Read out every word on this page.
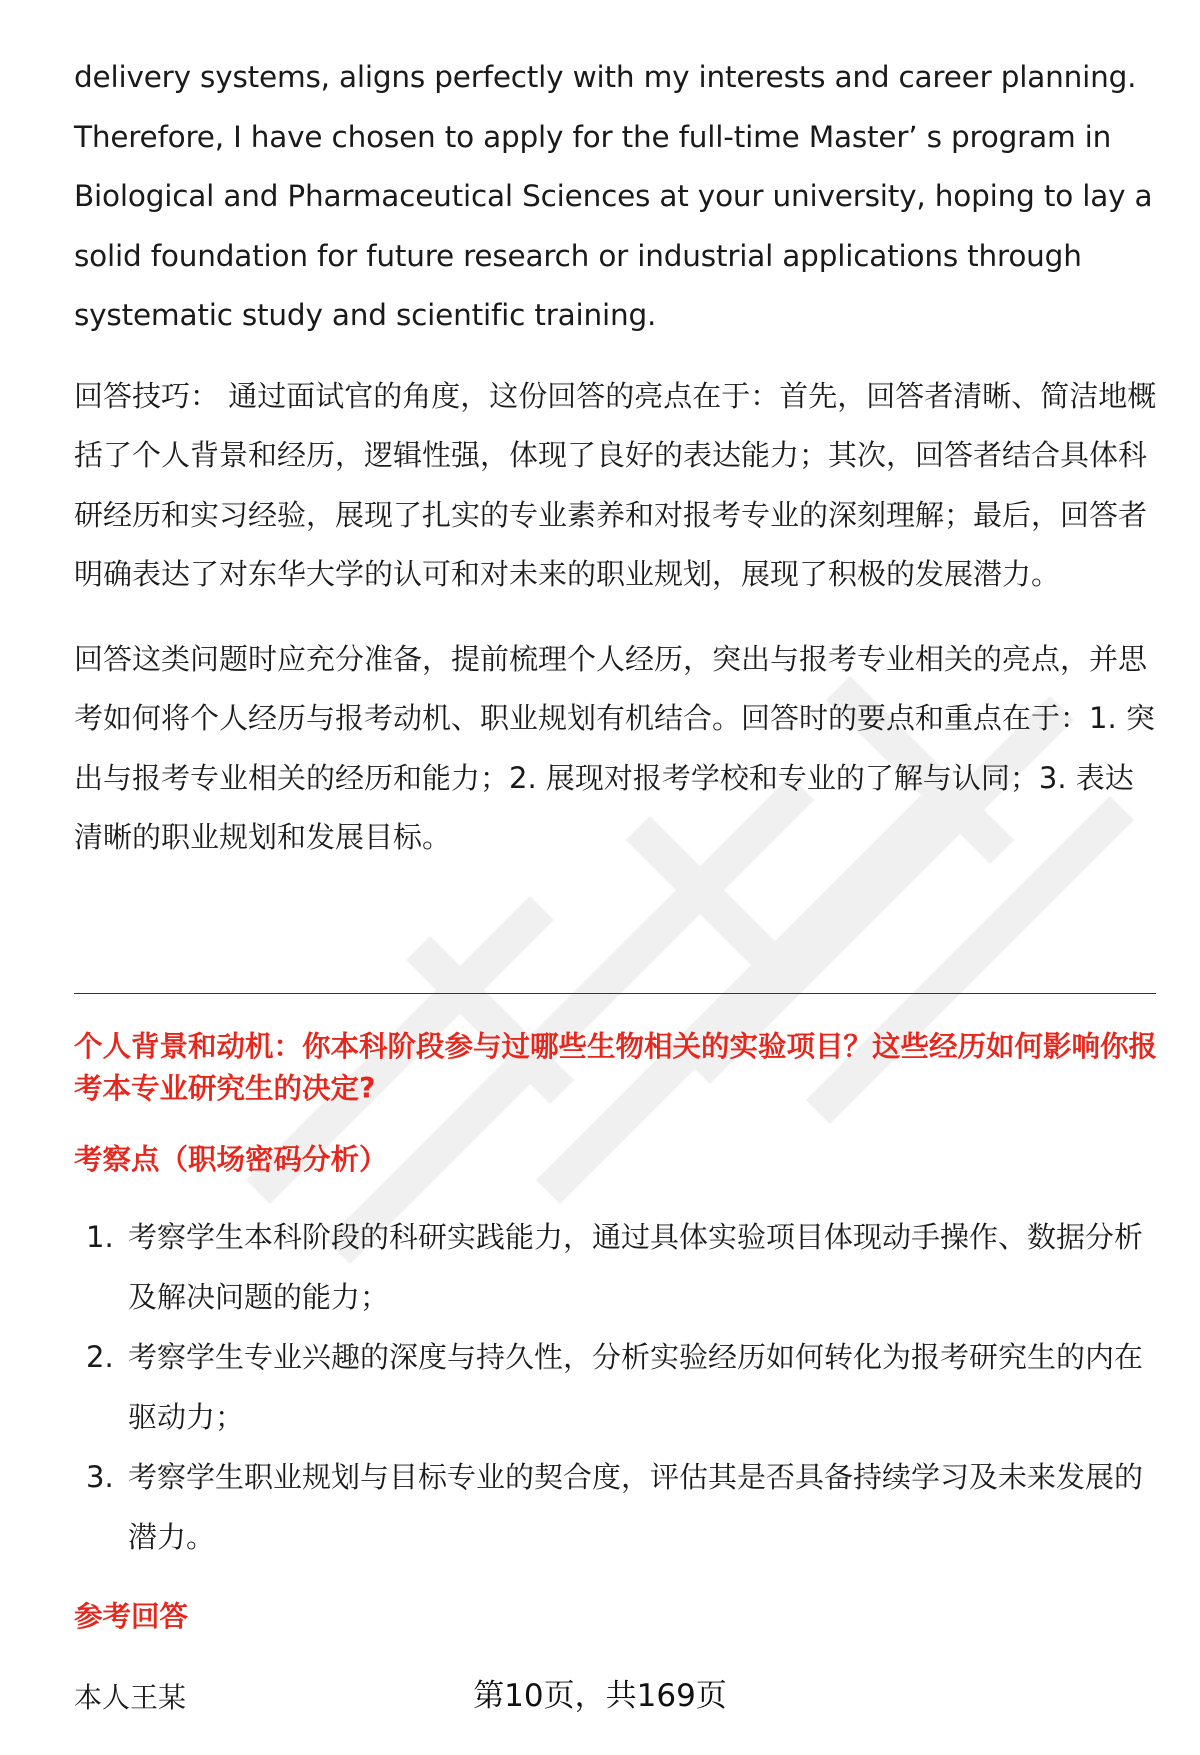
delivery systems, aligns perfectly with my interests and career planning. Therefore, I have chosen to apply for the full-time Master’ s program in Biological and Pharmaceutical Sciences at your university, hoping to lay a solid foundation for future research or industrial applications through systematic study and scientific training.

回答技巧： 通过面试官的角度，这份回答的亮点在于：首先，回答者清晰、简洁地概括了个人背景和经历，逻辑性强，体现了良好的表达能力；其次，回答者结合具体科研经历和实习经验，展现了扎实的专业素养和对报考专业的深刻理解；最后，回答者明确表达了对东华大学的认可和对未来的职业规划，展现了积极的发展潜力。

回答这类问题时应充分准备，提前梳理个人经历，突出与报考专业相关的亮点，并思考如何将个人经历与报考动机、职业规划有机结合。回答时的要点和重点在于：1. 突出与报考专业相关的经历和能力；2. 展现对报考学校和专业的了解与认同；3. 表达清晰的职业规划和发展目标。

个人背景和动机：你本科阶段参与过哪些生物相关的实验项目？这些经历如何影响你报考本专业研究生的决定?
考察点（职场密码分析）
1. 考察学生本科阶段的科研实践能力，通过具体实验项目体现动手操作、数据分析及解决问题的能力；
2. 考察学生专业兴趣的深度与持久性，分析实验经历如何转化为报考研究生的内在驱动力；
3. 考察学生职业规划与目标专业的契合度，评估其是否具备持续学习及未来发展的潜力。
参考回答
本人王某	第10页，共169页
